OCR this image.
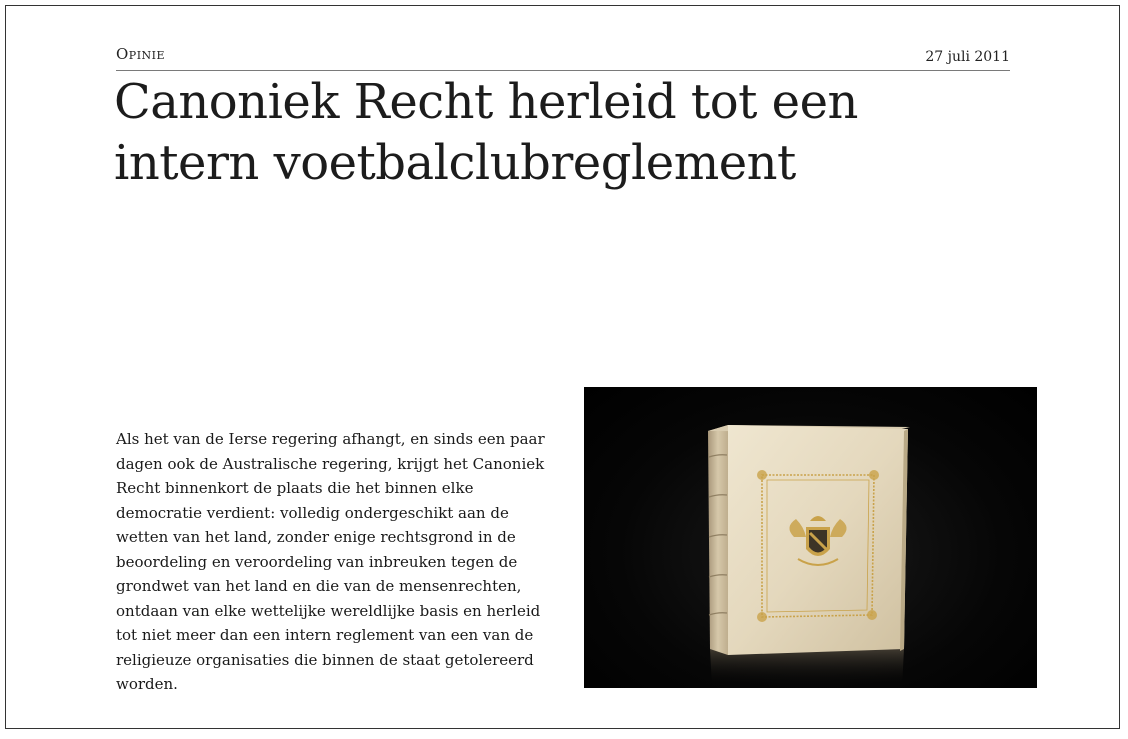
Opinie	27 juli 2011
Canoniek Recht herleid tot een intern voetbalclubreglement

Als het van de Ierse regering afhangt, en sinds een paar dagen ook de Australische regering, krijgt het Canoniek Recht binnenkort de plaats die het binnen elke democratie verdient: volledig ondergeschikt aan de wetten van het land, zonder enige rechtsgrond in de beoordeling en veroordeling van inbreuken tegen de grondwet van het land en die van de mensenrechten, ontdaan van elke wettelijke wereldlijke basis en herleid tot niet meer dan een intern reglement van een van de religieuze organisaties die binnen de staat getolereerd worden.
